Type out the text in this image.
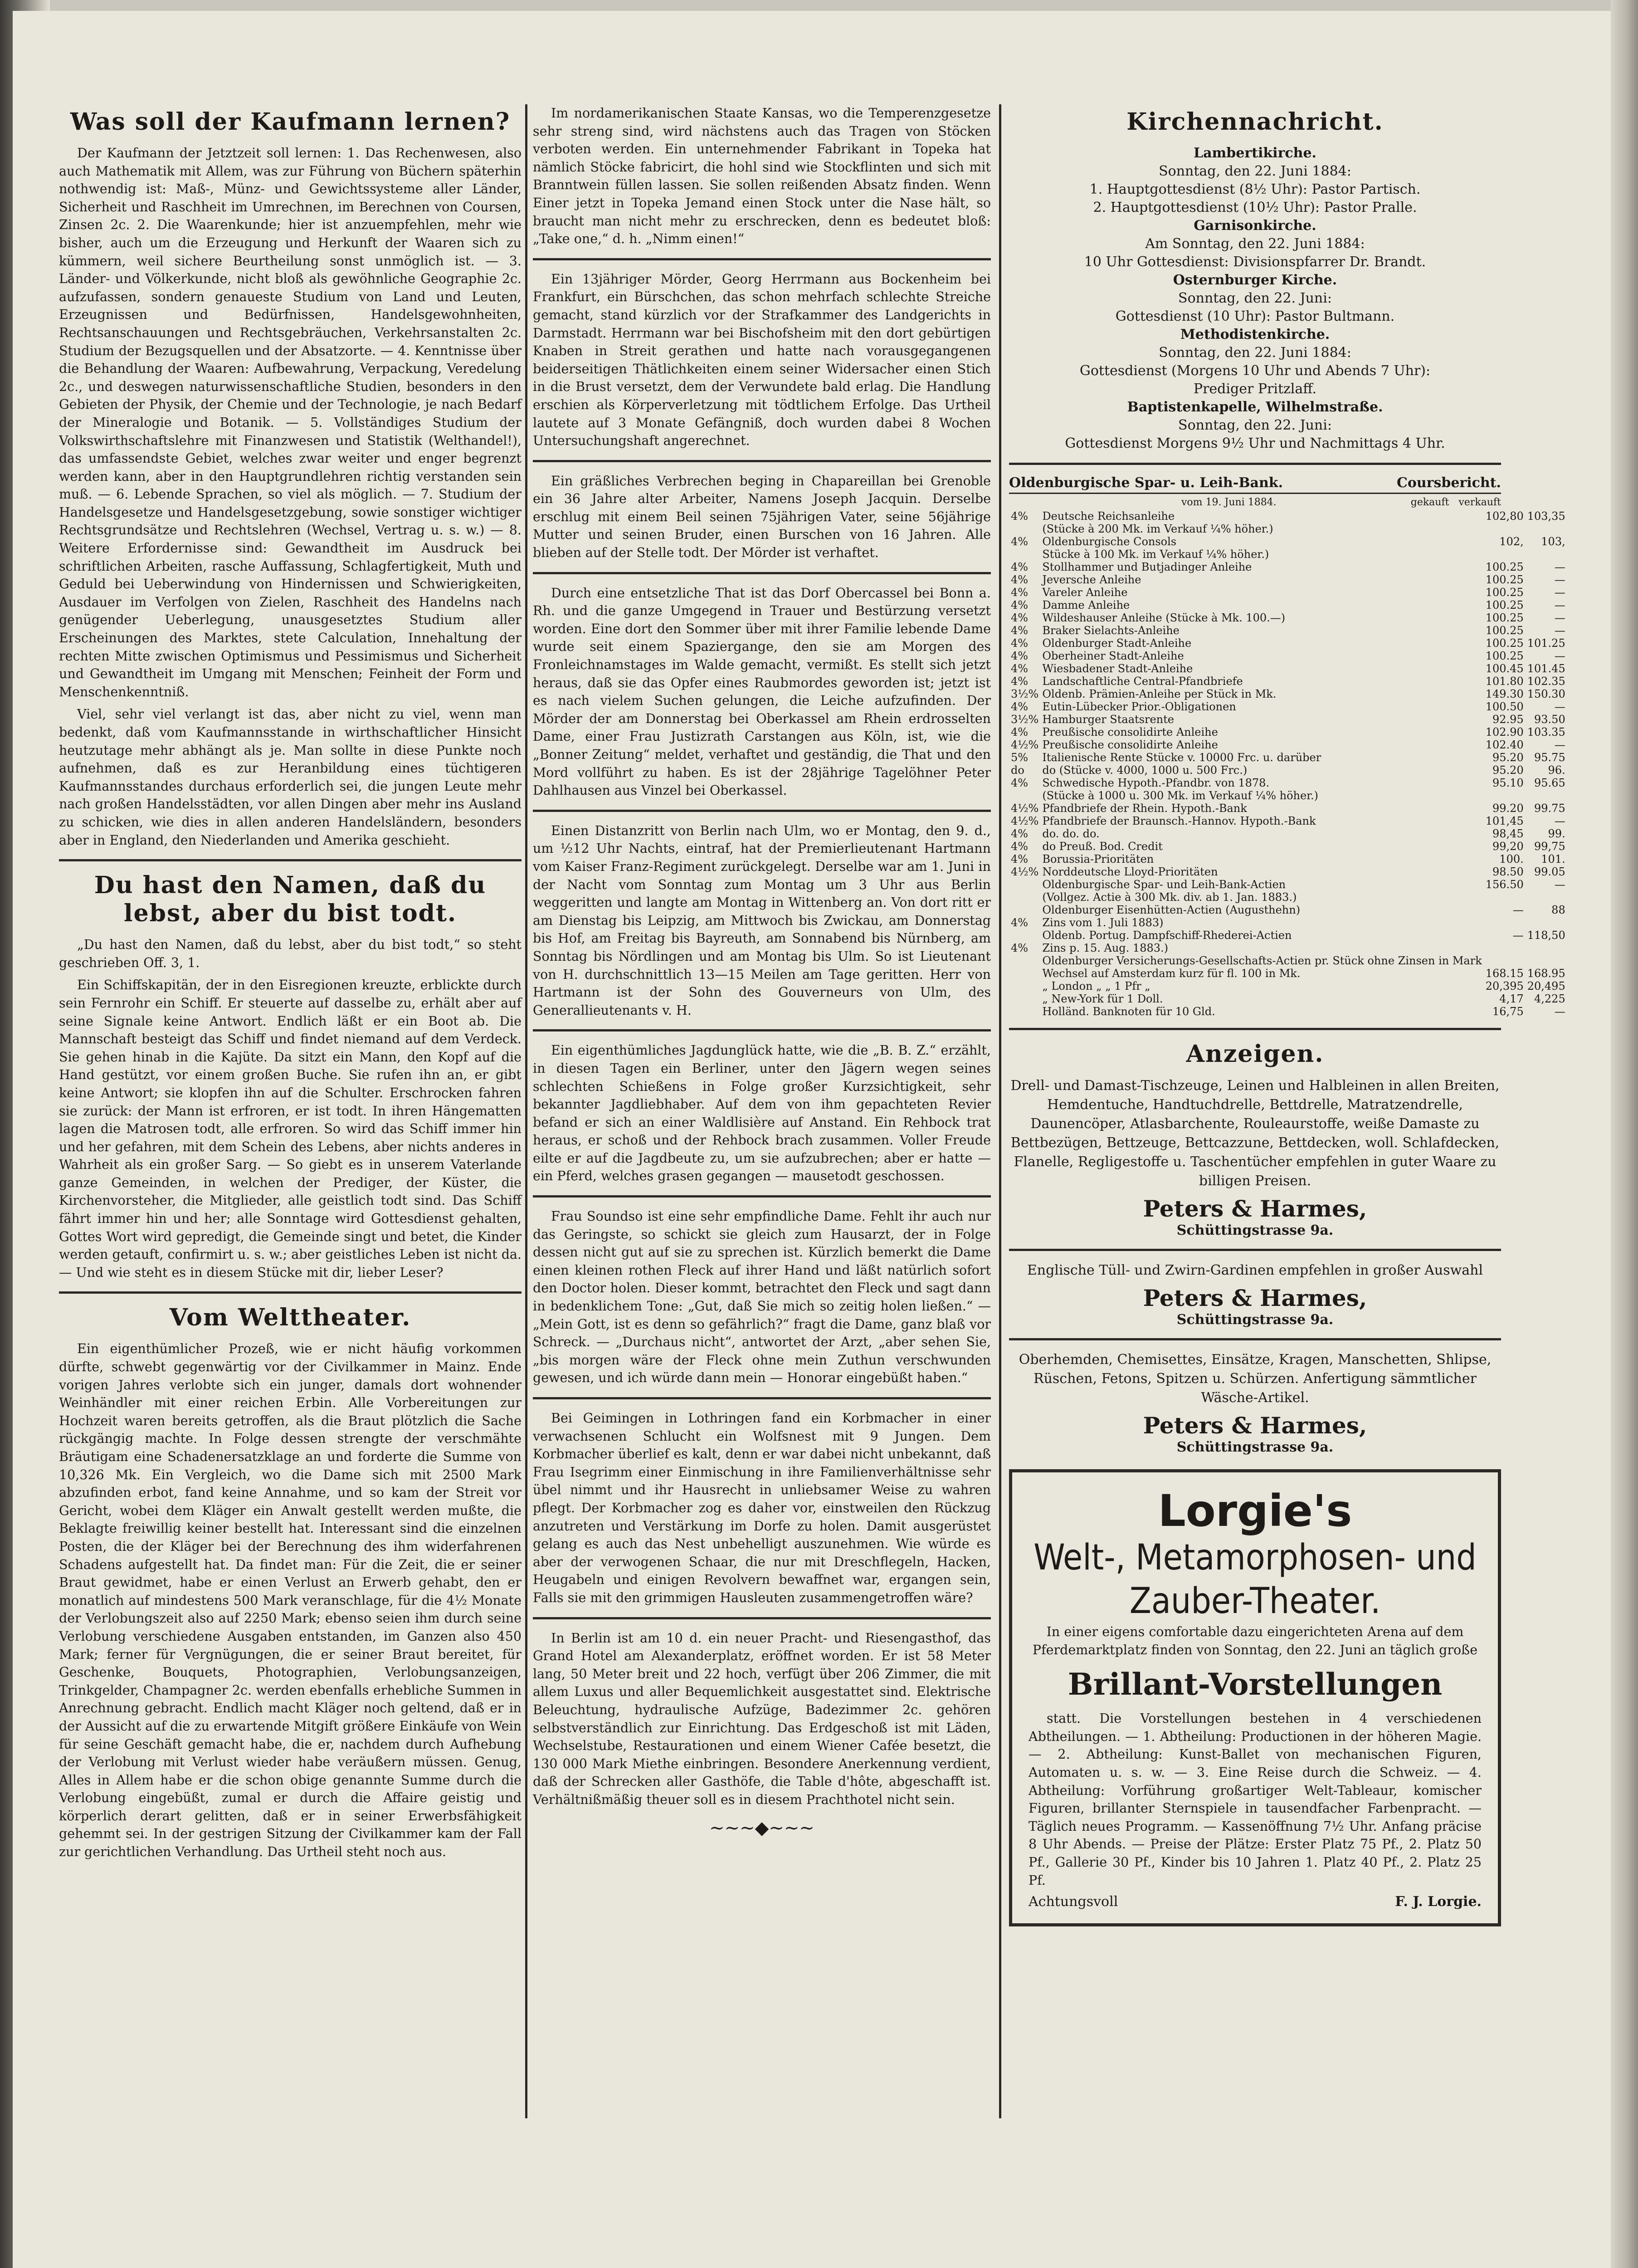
Was soll der Kaufmann lernen?

Der Kaufmann der Jetztzeit soll lernen: 1. Das Rechenwesen, also auch Mathematik mit Allem, was zur Führung von Büchern späterhin nothwendig ist: Maß-, Münz- und Gewichtssysteme aller Länder, Sicherheit und Raschheit im Umrechnen, im Berechnen von Coursen, Zinsen 2c. 2. Die Waarenkunde; hier ist anzuempfehlen, mehr wie bisher, auch um die Erzeugung und Herkunft der Waaren sich zu kümmern, weil sichere Beurtheilung sonst unmöglich ist. — 3. Länder- und Völkerkunde, nicht bloß als gewöhnliche Geographie 2c. aufzufassen, sondern genaueste Studium von Land und Leuten, Erzeugnissen und Bedürfnissen, Handelsgewohnheiten, Rechtsanschauungen und Rechtsgebräuchen, Verkehrsanstalten 2c. Studium der Bezugsquellen und der Absatzorte. — 4. Kenntnisse über die Behandlung der Waaren: Aufbewahrung, Verpackung, Veredelung 2c., und deswegen naturwissenschaftliche Studien, besonders in den Gebieten der Physik, der Chemie und der Technologie, je nach Bedarf der Mineralogie und Botanik. — 5. Vollständiges Studium der Volkswirthschaftslehre mit Finanzwesen und Statistik (Welthandel!), das umfassendste Gebiet, welches zwar weiter und enger begrenzt werden kann, aber in den Hauptgrundlehren richtig verstanden sein muß. — 6. Lebende Sprachen, so viel als möglich. — 7. Studium der Handelsgesetze und Handelsgesetzgebung, sowie sonstiger wichtiger Rechtsgrundsätze und Rechtslehren (Wechsel, Vertrag u. s. w.) — 8. Weitere Erfordernisse sind: Gewandtheit im Ausdruck bei schriftlichen Arbeiten, rasche Auffassung, Schlagfertigkeit, Muth und Geduld bei Ueberwindung von Hindernissen und Schwierigkeiten, Ausdauer im Verfolgen von Zielen, Raschheit des Handelns nach genügender Ueberlegung, unausgesetztes Studium aller Erscheinungen des Marktes, stete Calculation, Innehaltung der rechten Mitte zwischen Optimismus und Pessimismus und Sicherheit und Gewandtheit im Umgang mit Menschen; Feinheit der Form und Menschenkenntniß.

Viel, sehr viel verlangt ist das, aber nicht zu viel, wenn man bedenkt, daß vom Kaufmannsstande in wirthschaftlicher Hinsicht heutzutage mehr abhängt als je. Man sollte in diese Punkte noch aufnehmen, daß es zur Heranbildung eines tüchtigeren Kaufmannsstandes durchaus erforderlich sei, die jungen Leute mehr nach großen Handelsstädten, vor allen Dingen aber mehr ins Ausland zu schicken, wie dies in allen anderen Handelsländern, besonders aber in England, den Niederlanden und Amerika geschieht.

Du hast den Namen, daß du lebst, aber du bist todt.

„Du hast den Namen, daß du lebst, aber du bist todt,“ so steht geschrieben Off. 3, 1.

Ein Schiffskapitän, der in den Eisregionen kreuzte, erblickte durch sein Fernrohr ein Schiff. Er steuerte auf dasselbe zu, erhält aber auf seine Signale keine Antwort. Endlich läßt er ein Boot ab. Die Mannschaft besteigt das Schiff und findet niemand auf dem Verdeck. Sie gehen hinab in die Kajüte. Da sitzt ein Mann, den Kopf auf die Hand gestützt, vor einem großen Buche. Sie rufen ihn an, er gibt keine Antwort; sie klopfen ihn auf die Schulter. Erschrocken fahren sie zurück: der Mann ist erfroren, er ist todt. In ihren Hängematten lagen die Matrosen todt, alle erfroren. So wird das Schiff immer hin und her gefahren, mit dem Schein des Lebens, aber nichts anderes in Wahrheit als ein großer Sarg. — So giebt es in unserem Vaterlande ganze Gemeinden, in welchen der Prediger, der Küster, die Kirchenvorsteher, die Mitglieder, alle geistlich todt sind. Das Schiff fährt immer hin und her; alle Sonntage wird Gottesdienst gehalten, Gottes Wort wird gepredigt, die Gemeinde singt und betet, die Kinder werden getauft, confirmirt u. s. w.; aber geistliches Leben ist nicht da. — Und wie steht es in diesem Stücke mit dir, lieber Leser?

Vom Welttheater.

Ein eigenthümlicher Prozeß, wie er nicht häufig vorkommen dürfte, schwebt gegenwärtig vor der Civilkammer in Mainz. Ende vorigen Jahres verlobte sich ein junger, damals dort wohnender Weinhändler mit einer reichen Erbin. Alle Vorbereitungen zur Hochzeit waren bereits getroffen, als die Braut plötzlich die Sache rückgängig machte. In Folge dessen strengte der verschmähte Bräutigam eine Schadenersatzklage an und forderte die Summe von 10,326 Mk. Ein Vergleich, wo die Dame sich mit 2500 Mark abzufinden erbot, fand keine Annahme, und so kam der Streit vor Gericht, wobei dem Kläger ein Anwalt gestellt werden mußte, die Beklagte freiwillig keiner bestellt hat. Interessant sind die einzelnen Posten, die der Kläger bei der Berechnung des ihm widerfahrenen Schadens aufgestellt hat. Da findet man: Für die Zeit, die er seiner Braut gewidmet, habe er einen Verlust an Erwerb gehabt, den er monatlich auf mindestens 500 Mark veranschlage, für die 4½ Monate der Verlobungszeit also auf 2250 Mark; ebenso seien ihm durch seine Verlobung verschiedene Ausgaben entstanden, im Ganzen also 450 Mark; ferner für Vergnügungen, die er seiner Braut bereitet, für Geschenke, Bouquets, Photographien, Verlobungsanzeigen, Trinkgelder, Champagner 2c. werden ebenfalls erhebliche Summen in Anrechnung gebracht. Endlich macht Kläger noch geltend, daß er in der Aussicht auf die zu erwartende Mitgift größere Einkäufe von Wein für seine Geschäft gemacht habe, die er, nachdem durch Aufhebung der Verlobung mit Verlust wieder habe veräußern müssen. Genug, Alles in Allem habe er die schon obige genannte Summe durch die Verlobung eingebüßt, zumal er durch die Affaire geistig und körperlich derart gelitten, daß er in seiner Erwerbsfähigkeit gehemmt sei. In der gestrigen Sitzung der Civilkammer kam der Fall zur gerichtlichen Verhandlung. Das Urtheil steht noch aus.

Im nordamerikanischen Staate Kansas, wo die Temperenzgesetze sehr streng sind, wird nächstens auch das Tragen von Stöcken verboten werden. Ein unternehmender Fabrikant in Topeka hat nämlich Stöcke fabricirt, die hohl sind wie Stockflinten und sich mit Branntwein füllen lassen. Sie sollen reißenden Absatz finden. Wenn Einer jetzt in Topeka Jemand einen Stock unter die Nase hält, so braucht man nicht mehr zu erschrecken, denn es bedeutet bloß: „Take one,“ d. h. „Nimm einen!“

Ein 13jähriger Mörder, Georg Herrmann aus Bockenheim bei Frankfurt, ein Bürschchen, das schon mehrfach schlechte Streiche gemacht, stand kürzlich vor der Strafkammer des Landgerichts in Darmstadt. Herrmann war bei Bischofsheim mit den dort gebürtigen Knaben in Streit gerathen und hatte nach vorausgegangenen beiderseitigen Thätlichkeiten einem seiner Widersacher einen Stich in die Brust versetzt, dem der Verwundete bald erlag. Die Handlung erschien als Körperverletzung mit tödtlichem Erfolge. Das Urtheil lautete auf 3 Monate Gefängniß, doch wurden dabei 8 Wochen Untersuchungshaft angerechnet.

Ein gräßliches Verbrechen beging in Chapareillan bei Grenoble ein 36 Jahre alter Arbeiter, Namens Joseph Jacquin. Derselbe erschlug mit einem Beil seinen 75jährigen Vater, seine 56jährige Mutter und seinen Bruder, einen Burschen von 16 Jahren. Alle blieben auf der Stelle todt. Der Mörder ist verhaftet.

Durch eine entsetzliche That ist das Dorf Obercassel bei Bonn a. Rh. und die ganze Umgegend in Trauer und Bestürzung versetzt worden. Eine dort den Sommer über mit ihrer Familie lebende Dame wurde seit einem Spaziergange, den sie am Morgen des Fronleichnamstages im Walde gemacht, vermißt. Es stellt sich jetzt heraus, daß sie das Opfer eines Raubmordes geworden ist; jetzt ist es nach vielem Suchen gelungen, die Leiche aufzufinden. Der Mörder der am Donnerstag bei Oberkassel am Rhein erdrosselten Dame, einer Frau Justizrath Carstangen aus Köln, ist, wie die „Bonner Zeitung“ meldet, verhaftet und geständig, die That und den Mord vollführt zu haben. Es ist der 28jährige Tagelöhner Peter Dahlhausen aus Vinzel bei Oberkassel.

Einen Distanzritt von Berlin nach Ulm, wo er Montag, den 9. d., um ½12 Uhr Nachts, eintraf, hat der Premierlieutenant Hartmann vom Kaiser Franz-Regiment zurückgelegt. Derselbe war am 1. Juni in der Nacht vom Sonntag zum Montag um 3 Uhr aus Berlin weggeritten und langte am Montag in Wittenberg an. Von dort ritt er am Dienstag bis Leipzig, am Mittwoch bis Zwickau, am Donnerstag bis Hof, am Freitag bis Bayreuth, am Sonnabend bis Nürnberg, am Sonntag bis Nördlingen und am Montag bis Ulm. So ist Lieutenant von H. durchschnittlich 13—15 Meilen am Tage geritten. Herr von Hartmann ist der Sohn des Gouverneurs von Ulm, des Generallieutenants v. H.

Ein eigenthümliches Jagdunglück hatte, wie die „B. B. Z.“ erzählt, in diesen Tagen ein Berliner, unter den Jägern wegen seines schlechten Schießens in Folge großer Kurzsichtigkeit, sehr bekannter Jagdliebhaber. Auf dem von ihm gepachteten Revier befand er sich an einer Waldlisière auf Anstand. Ein Rehbock trat heraus, er schoß und der Rehbock brach zusammen. Voller Freude eilte er auf die Jagdbeute zu, um sie aufzubrechen; aber er hatte — ein Pferd, welches grasen gegangen — mausetodt geschossen.

Frau Soundso ist eine sehr empfindliche Dame. Fehlt ihr auch nur das Geringste, so schickt sie gleich zum Hausarzt, der in Folge dessen nicht gut auf sie zu sprechen ist. Kürzlich bemerkt die Dame einen kleinen rothen Fleck auf ihrer Hand und läßt natürlich sofort den Doctor holen. Dieser kommt, betrachtet den Fleck und sagt dann in bedenklichem Tone: „Gut, daß Sie mich so zeitig holen ließen.“ — „Mein Gott, ist es denn so gefährlich?“ fragt die Dame, ganz blaß vor Schreck. — „Durchaus nicht“, antwortet der Arzt, „aber sehen Sie, „bis morgen wäre der Fleck ohne mein Zuthun verschwunden gewesen, und ich würde dann mein — Honorar eingebüßt haben.“

Bei Geimingen in Lothringen fand ein Korbmacher in einer verwachsenen Schlucht ein Wolfsnest mit 9 Jungen. Dem Korbmacher überlief es kalt, denn er war dabei nicht unbekannt, daß Frau Isegrimm einer Einmischung in ihre Familienverhältnisse sehr übel nimmt und ihr Hausrecht in unliebsamer Weise zu wahren pflegt. Der Korbmacher zog es daher vor, einstweilen den Rückzug anzutreten und Verstärkung im Dorfe zu holen. Damit ausgerüstet gelang es auch das Nest unbehelligt auszunehmen. Wie würde es aber der verwogenen Schaar, die nur mit Dreschflegeln, Hacken, Heugabeln und einigen Revolvern bewaffnet war, ergangen sein, Falls sie mit den grimmigen Hausleuten zusammengetroffen wäre?

In Berlin ist am 10 d. ein neuer Pracht- und Riesengasthof, das Grand Hotel am Alexanderplatz, eröffnet worden. Er ist 58 Meter lang, 50 Meter breit und 22 hoch, verfügt über 206 Zimmer, die mit allem Luxus und aller Bequemlichkeit ausgestattet sind. Elektrische Beleuchtung, hydraulische Aufzüge, Badezimmer 2c. gehören selbstverständlich zur Einrichtung. Das Erdgeschoß ist mit Läden, Wechselstube, Restaurationen und einem Wiener Cafée besetzt, die 130 000 Mark Miethe einbringen. Besondere Anerkennung verdient, daß der Schrecken aller Gasthöfe, die Table d'hôte, abgeschafft ist. Verhältnißmäßig theuer soll es in diesem Prachthotel nicht sein.

~~~◆~~~
Kirchennachricht.
Lambertikirche.
Sonntag, den 22. Juni 1884:
1. Hauptgottesdienst (8½ Uhr): Pastor Partisch.
2. Hauptgottesdienst (10½ Uhr): Pastor Pralle.
Garnisonkirche.
Am Sonntag, den 22. Juni 1884:
10 Uhr Gottesdienst: Divisionspfarrer Dr. Brandt.
Osternburger Kirche.
Sonntag, den 22. Juni:
Gottesdienst (10 Uhr): Pastor Bultmann.
Methodistenkirche.
Sonntag, den 22. Juni 1884:
Gottesdienst (Morgens 10 Uhr und Abends 7 Uhr):
Prediger Pritzlaff.
Baptistenkapelle, Wilhelmstraße.
Sonntag, den 22. Juni:
Gottesdienst Morgens 9½ Uhr und Nachmittags 4 Uhr.
Oldenburgische Spar- u. Leih-Bank.	Coursbericht.
vom 19. Juni 1884.	gekauft verkauft
4%	Deutsche Reichsanleihe	102,80	103,35
	(Stücke à 200 Mk. im Verkauf ¼% höher.)		
4%	Oldenburgische Consols	102,	103,
	Stücke à 100 Mk. im Verkauf ¼% höher.)		
4%	Stollhammer und Butjadinger Anleihe	100.25	—
4%	Jeversche Anleihe	100.25	—
4%	Vareler Anleihe	100.25	—
4%	Damme Anleihe	100.25	—
4%	Wildeshauser Anleihe (Stücke à Mk. 100.—)	100.25	—
4%	Braker Sielachts-Anleihe	100.25	—
4%	Oldenburger Stadt-Anleihe	100.25	101.25
4%	Oberheiner Stadt-Anleihe	100.25	—
4%	Wiesbadener Stadt-Anleihe	100.45	101.45
4%	Landschaftliche Central-Pfandbriefe	101.80	102.35
3½%	Oldenb. Prämien-Anleihe per Stück in Mk.	149.30	150.30
4%	Eutin-Lübecker Prior.-Obligationen	100.50	—
3½%	Hamburger Staatsrente	92.95	93.50
4%	Preußische consolidirte Anleihe	102.90	103.35
4½%	Preußische consolidirte Anleihe	102.40	—
5%	Italienische Rente Stücke v. 10000 Frc. u. darüber	95.20	95.75
do	do (Stücke v. 4000, 1000 u. 500 Frc.)	95.20	96.
4%	Schwedische Hypoth.-Pfandbr. von 1878.	95.10	95.65
	(Stücke à 1000 u. 300 Mk. im Verkauf ¼% höher.)		
4½%	Pfandbriefe der Rhein. Hypoth.-Bank	99.20	99.75
4½%	Pfandbriefe der Braunsch.-Hannov. Hypoth.-Bank	101,45	—
4%	do. do. do.	98,45	99.
4%	do Preuß. Bod. Credit	99,20	99,75
4%	Borussia-Prioritäten	100.	101.
4½%	Norddeutsche Lloyd-Prioritäten	98.50	99.05
	Oldenburgische Spar- und Leih-Bank-Actien	156.50	—
	(Vollgez. Actie à 300 Mk. div. ab 1. Jan. 1883.)		
	Oldenburger Eisenhütten-Actien (Augusthehn)	—	88
4%	Zins vom 1. Juli 1883)		
	Oldenb. Portug. Dampfschiff-Rhederei-Actien	—	118,50
4%	Zins p. 15. Aug. 1883.)		
	Oldenburger Versicherungs-Gesellschafts-Actien pr. Stück ohne Zinsen in Mark		
	Wechsel auf Amsterdam kurz für fl. 100 in Mk.	168.15	168.95
	„ London „ „ 1 Pfr „	20,395	20,495
	„ New-York für 1 Doll.	4,17	4,225
	Holländ. Banknoten für 10 Gld.	16,75	—
Anzeigen.

Drell- und Damast-Tischzeuge, Leinen und Halbleinen in allen Breiten, Hemdentuche, Handtuchdrelle, Bettdrelle, Matratzendrelle, Daunencöper, Atlasbarchente, Rouleaurstoffe, weiße Damaste zu Bettbezügen, Bettzeuge, Bettcazzune, Bettdecken, woll. Schlafdecken, Flanelle, Regligestoffe u. Taschentücher empfehlen in guter Waare zu billigen Preisen.

Peters & Harmes,
Schüttingstrasse 9a.

Englische Tüll- und Zwirn-Gardinen empfehlen in großer Auswahl

Peters & Harmes,
Schüttingstrasse 9a.

Oberhemden, Chemisettes, Einsätze, Kragen, Manschetten, Shlipse, Rüschen, Fetons, Spitzen u. Schürzen. Anfertigung sämmtlicher Wäsche-Artikel.

Peters & Harmes,
Schüttingstrasse 9a.
Lorgie's
Welt-, Metamorphosen- und
Zauber-Theater.

In einer eigens comfortable dazu eingerichteten Arena auf dem Pferdemarktplatz finden von Sonntag, den 22. Juni an täglich große

Brillant-Vorstellungen

statt. Die Vorstellungen bestehen in 4 verschiedenen Abtheilungen. — 1. Abtheilung: Productionen in der höheren Magie. — 2. Abtheilung: Kunst-Ballet von mechanischen Figuren, Automaten u. s. w. — 3. Eine Reise durch die Schweiz. — 4. Abtheilung: Vorführung großartiger Welt-Tableaur, komischer Figuren, brillanter Sternspiele in tausendfacher Farbenpracht. — Täglich neues Programm. — Kassenöffnung 7½ Uhr. Anfang präcise 8 Uhr Abends. — Preise der Plätze: Erster Platz 75 Pf., 2. Platz 50 Pf., Gallerie 30 Pf., Kinder bis 10 Jahren 1. Platz 40 Pf., 2. Platz 25 Pf.

Achtungsvoll	F. J. Lorgie.
